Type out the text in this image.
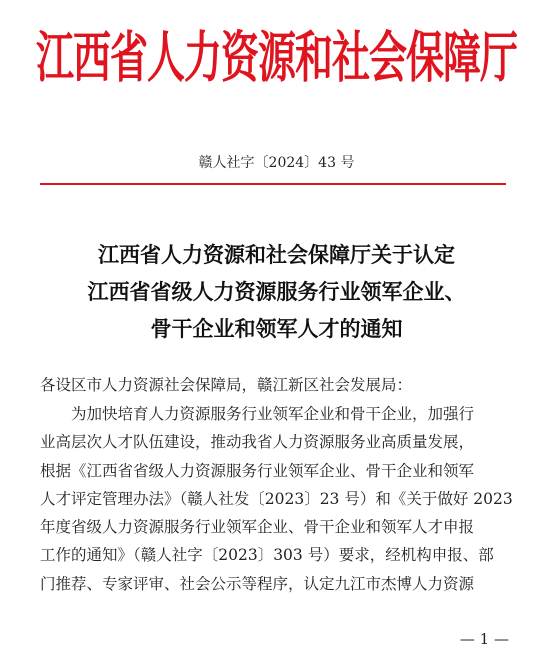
江西省人力资源和社会保障厅
赣人社字〔2024〕43 号
江西省人力资源和社会保障厅关于认定
江西省省级人力资源服务行业领军企业、
骨干企业和领军人才的通知
各设区市人力资源社会保障局，赣江新区社会发展局：
为加快培育人力资源服务行业领军企业和骨干企业，加强行
业高层次人才队伍建设，推动我省人力资源服务业高质量发展，
根据《江西省省级人力资源服务行业领军企业、骨干企业和领军
人才评定管理办法》（赣人社发〔2023〕23 号）和《关于做好 2023
年度省级人力资源服务行业领军企业、骨干企业和领军人才申报
工作的通知》（赣人社字〔2023〕303 号）要求，经机构申报、部
门推荐、专家评审、社会公示等程序，认定九江市杰博人力资源
— 1 —
